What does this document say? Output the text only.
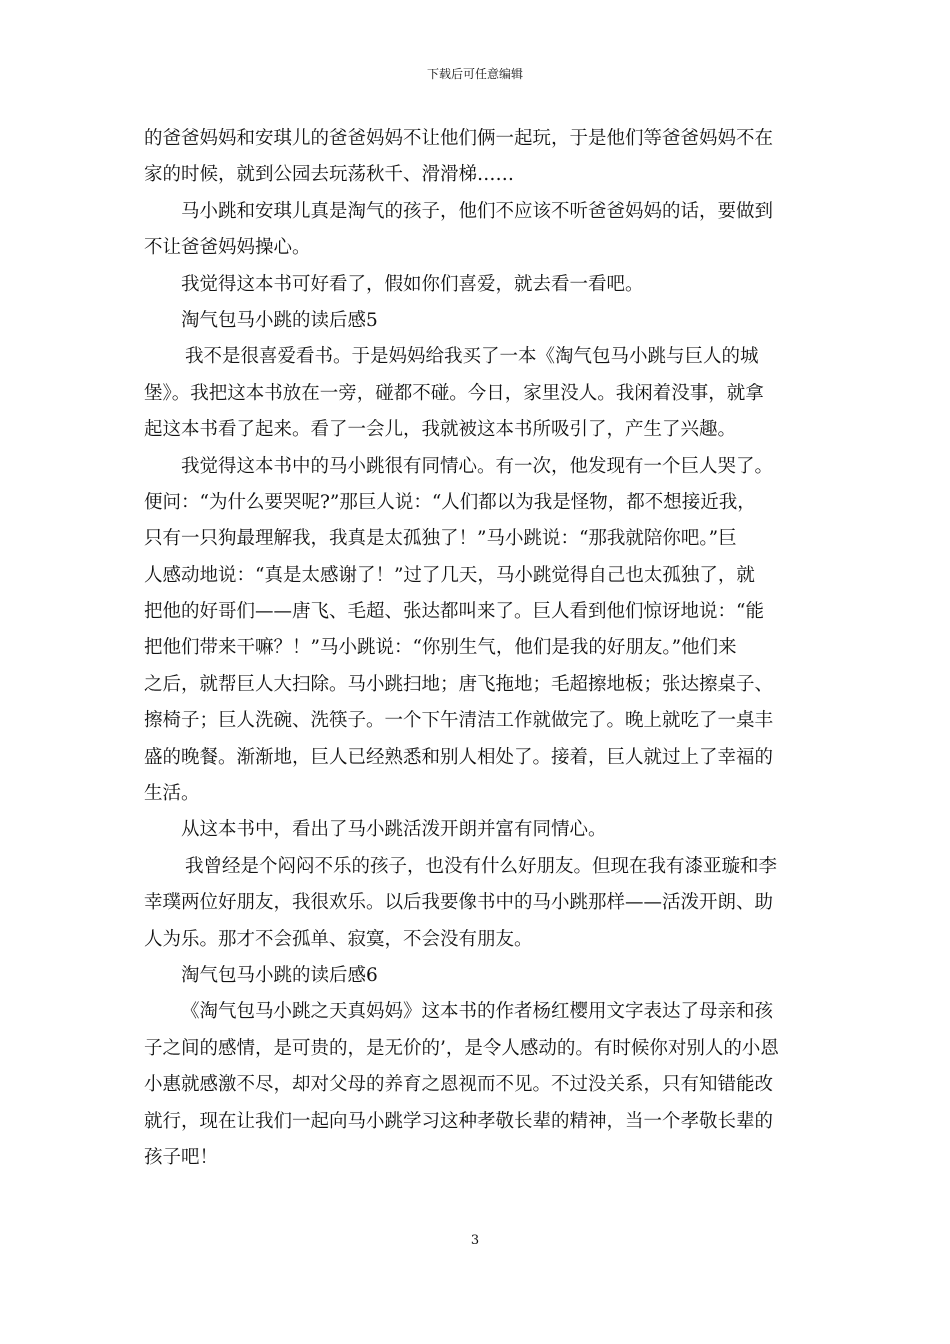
下载后可任意编辑
的爸爸妈妈和安琪儿的爸爸妈妈不让他们俩一起玩，于是他们等爸爸妈妈不在
家的时候，就到公园去玩荡秋千、滑滑梯……
马小跳和安琪儿真是淘气的孩子，他们不应该不听爸爸妈妈的话，要做到
不让爸爸妈妈操心。
我觉得这本书可好看了，假如你们喜爱，就去看一看吧。
淘气包马小跳的读后感5
我不是很喜爱看书。于是妈妈给我买了一本《淘气包马小跳与巨人的城
堡》。我把这本书放在一旁，碰都不碰。今日，家里没人。我闲着没事，就拿
起这本书看了起来。看了一会儿，我就被这本书所吸引了，产生了兴趣。
我觉得这本书中的马小跳很有同情心。有一次，他发现有一个巨人哭了。
便问：“为什么要哭呢?”那巨人说：“人们都以为我是怪物，都不想接近我，
只有一只狗最理解我，我真是太孤独了！”马小跳说：“那我就陪你吧。”巨
人感动地说：“真是太感谢了！”过了几天，马小跳觉得自己也太孤独了，就
把他的好哥们——唐飞、毛超、张达都叫来了。巨人看到他们惊讶地说：“能
把他们带来干嘛？！”马小跳说：“你别生气，他们是我的好朋友。”他们来
之后，就帮巨人大扫除。马小跳扫地；唐飞拖地；毛超擦地板；张达擦桌子、
擦椅子；巨人洗碗、洗筷子。一个下午清洁工作就做完了。晚上就吃了一桌丰
盛的晚餐。渐渐地，巨人已经熟悉和别人相处了。接着，巨人就过上了幸福的
生活。
从这本书中，看出了马小跳活泼开朗并富有同情心。
我曾经是个闷闷不乐的孩子，也没有什么好朋友。但现在我有漆亚璇和李
幸璞两位好朋友，我很欢乐。以后我要像书中的马小跳那样——活泼开朗、助
人为乐。那才不会孤单、寂寞，不会没有朋友。
淘气包马小跳的读后感6
《淘气包马小跳之天真妈妈》这本书的作者杨红樱用文字表达了母亲和孩
子之间的感情，是可贵的，是无价的’，是令人感动的。有时候你对别人的小恩
小惠就感激不尽，却对父母的养育之恩视而不见。不过没关系，只有知错能改
就行，现在让我们一起向马小跳学习这种孝敬长辈的精神，当一个孝敬长辈的
孩子吧！
3
